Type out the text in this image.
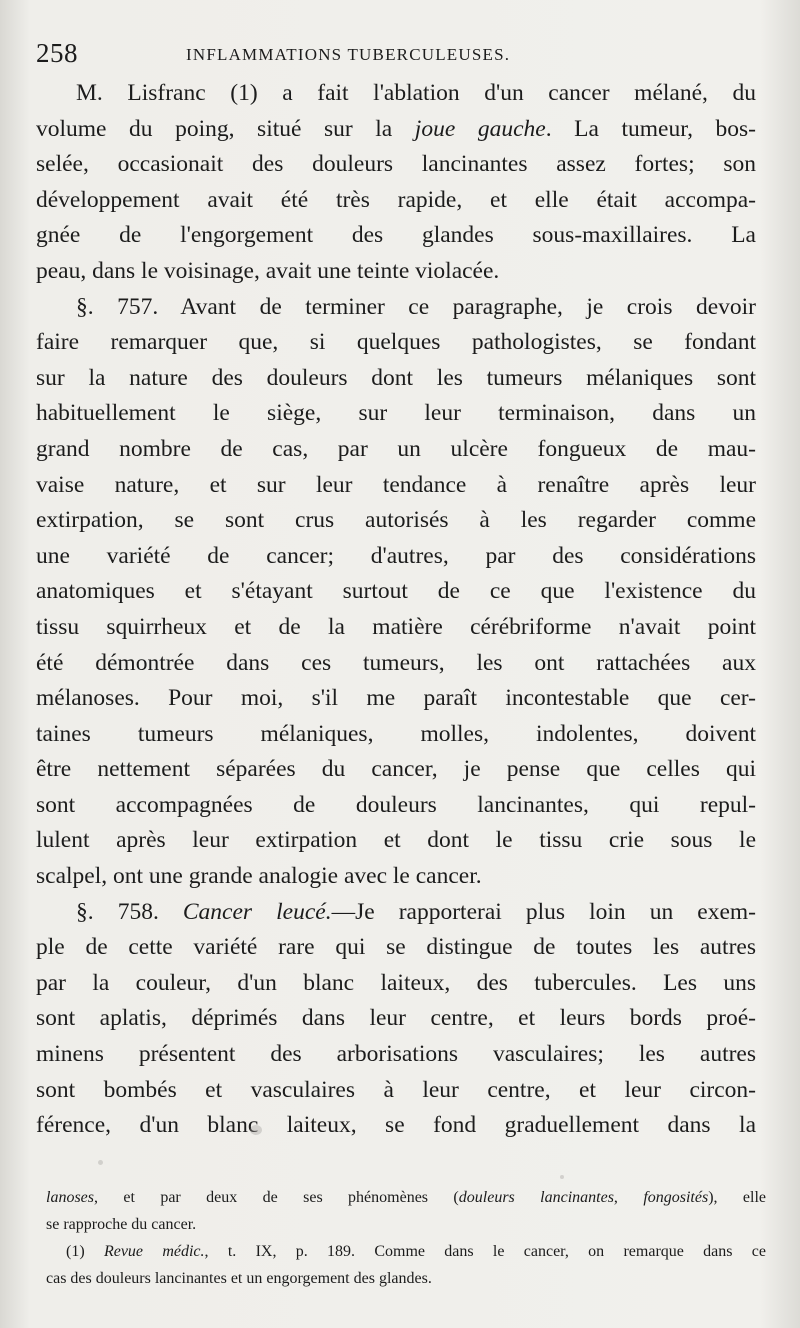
258	INFLAMMATIONS TUBERCULEUSES.
M. Lisfranc (1) a fait l'ablation d'un cancer mélané, du
volume du poing, situé sur la joue gauche. La tumeur, bos-
selée, occasionait des douleurs lancinantes assez fortes; son
développement avait été très rapide, et elle était accompa-
gnée de l'engorgement des glandes sous-maxillaires. La
peau, dans le voisinage, avait une teinte violacée.
§. 757. Avant de terminer ce paragraphe, je crois devoir
faire remarquer que, si quelques pathologistes, se fondant
sur la nature des douleurs dont les tumeurs mélaniques sont
habituellement le siège, sur leur terminaison, dans un
grand nombre de cas, par un ulcère fongueux de mau-
vaise nature, et sur leur tendance à renaître après leur
extirpation, se sont crus autorisés à les regarder comme
une variété de cancer; d'autres, par des considérations
anatomiques et s'étayant surtout de ce que l'existence du
tissu squirrheux et de la matière cérébriforme n'avait point
été démontrée dans ces tumeurs, les ont rattachées aux
mélanoses. Pour moi, s'il me paraît incontestable que cer-
taines tumeurs mélaniques, molles, indolentes, doivent
être nettement séparées du cancer, je pense que celles qui
sont accompagnées de douleurs lancinantes, qui repul-
lulent après leur extirpation et dont le tissu crie sous le
scalpel, ont une grande analogie avec le cancer.
§. 758. Cancer leucé.—Je rapporterai plus loin un exem-
ple de cette variété rare qui se distingue de toutes les autres
par la couleur, d'un blanc laiteux, des tubercules. Les uns
sont aplatis, déprimés dans leur centre, et leurs bords proé-
minens présentent des arborisations vasculaires; les autres
sont bombés et vasculaires à leur centre, et leur circon-
férence, d'un blanc laiteux, se fond graduellement dans la
lanoses, et par deux de ses phénomènes (douleurs lancinantes, fongosités), elle
se rapproche du cancer.
(1) Revue médic., t. IX, p. 189. Comme dans le cancer, on remarque dans ce
cas des douleurs lancinantes et un engorgement des glandes.
